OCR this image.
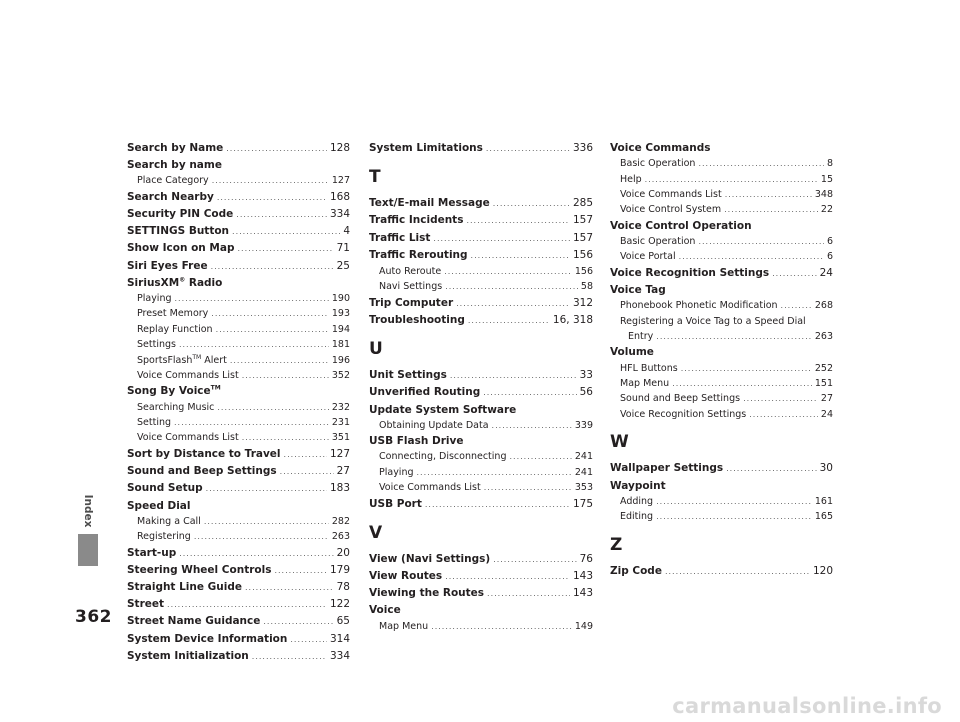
Index
362
Search by Name .....	128
Search by name
Place Category .....	127
Search Nearby .....	168
Security PIN Code .....	334
SETTINGS Button .....	4
Show Icon on Map .....	71
Siri Eyes Free .....	25
SiriusXM® Radio
Playing .....	190
Preset Memory .....	193
Replay Function .....	194
Settings .....	181
SportsFlash™ Alert .....	196
Voice Commands List .....	352
Song By Voice™
Searching Music .....	232
Setting .....	231
Voice Commands List .....	351
Sort by Distance to Travel .....	127
Sound and Beep Settings .....	27
Sound Setup .....	183
Speed Dial
Making a Call .....	282
Registering .....	263
Start-up .....	20
Steering Wheel Controls .....	179
Straight Line Guide .....	78
Street .....	122
Street Name Guidance .....	65
System Device Information .....	314
System Initialization .....	334
System Limitations .....	336
T
Text/E-mail Message .....	285
Traffic Incidents .....	157
Traffic List .....	157
Traffic Rerouting .....	156
Auto Reroute .....	156
Navi Settings .....	58
Trip Computer .....	312
Troubleshooting .....	16, 318
U
Unit Settings .....	33
Unverified Routing .....	56
Update System Software
Obtaining Update Data .....	339
USB Flash Drive
Connecting, Disconnecting .....	241
Playing .....	241
Voice Commands List .....	353
USB Port .....	175
V
View (Navi Settings) .....	76
View Routes .....	143
Viewing the Routes .....	143
Voice
Map Menu .....	149
Voice Commands
Basic Operation .....	8
Help .....	15
Voice Commands List .....	348
Voice Control System .....	22
Voice Control Operation
Basic Operation .....	6
Voice Portal .....	6
Voice Recognition Settings .....	24
Voice Tag
Phonebook Phonetic Modification .....	268
Registering a Voice Tag to a Speed Dial
Entry .....	263
Volume
HFL Buttons .....	252
Map Menu .....	151
Sound and Beep Settings .....	27
Voice Recognition Settings .....	24
W
Wallpaper Settings .....	30
Waypoint
Adding .....	161
Editing .....	165
Z
Zip Code .....	120
carmanualsonline.info
